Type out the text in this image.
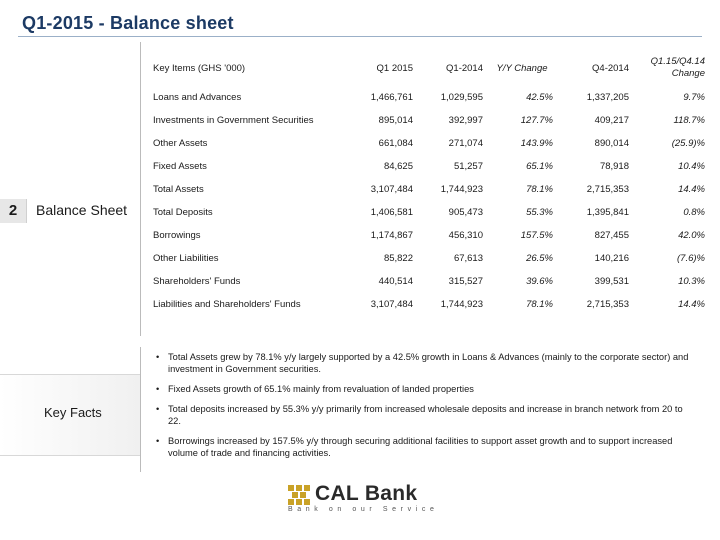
Q1-2015 - Balance sheet
2	Balance Sheet
Key Items (GHS '000)	Q1 2015	Q1-2014	Y/Y Change	Q4-2014	Q1.15/Q4.14
Change

Loans and Advances	1,466,761	1,029,595	42.5%	1,337,205	9.7%
Investments in Government Securities	895,014	392,997	127.7%	409,217	118.7%
Other Assets	661,084	271,074	143.9%	890,014	(25.9)%
Fixed Assets	84,625	51,257	65.1%	78,918	10.4%
Total Assets	3,107,484	1,744,923	78.1%	2,715,353	14.4%
Total Deposits	1,406,581	905,473	55.3%	1,395,841	0.8%
Borrowings	1,174,867	456,310	157.5%	827,455	42.0%
Other Liabilities	85,822	67,613	26.5%	140,216	(7.6)%
Shareholders' Funds	440,514	315,527	39.6%	399,531	10.3%
Liabilities and Shareholders' Funds	3,107,484	1,744,923	78.1%	2,715,353	14.4%
Key Facts
• Total Assets grew by 78.1% y/y largely supported by a 42.5% growth in Loans & Advances (mainly to the corporate sector) and investment in Government securities.
• Fixed Assets growth of 65.1% mainly from revaluation of landed properties
• Total deposits increased by 55.3% y/y primarily from increased wholesale deposits and increase in branch network from 20 to 22.
• Borrowings increased by 157.5% y/y through securing additional facilities to support asset growth and to support increased volume of trade and financing activities.
CAL Bank
Bank on our Service
